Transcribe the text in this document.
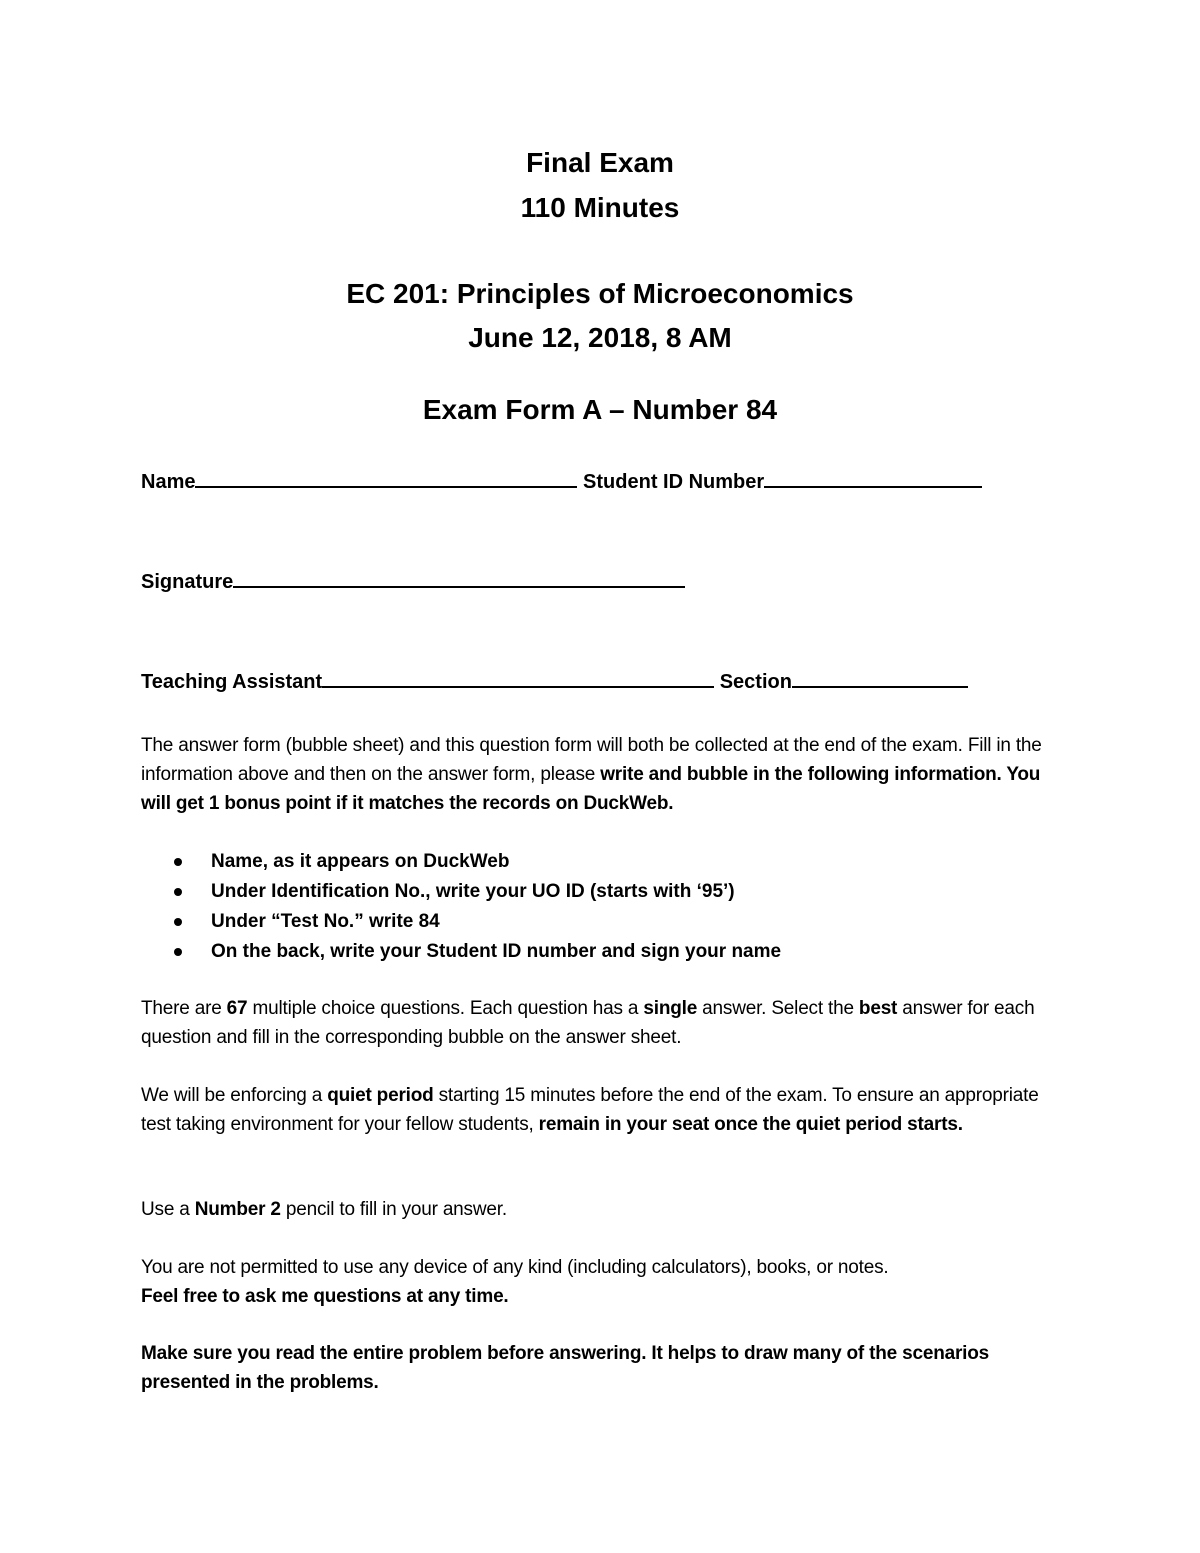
Final Exam
110 Minutes
EC 201: Principles of Microeconomics
June 12, 2018, 8 AM
Exam Form A – Number 84
Name	Student ID Number
Signature
Teaching Assistant	Section
The answer form (bubble sheet) and this question form will both be collected at the end of the exam. Fill in the information above and then on the answer form, please write and bubble in the following information. You will get 1 bonus point if it matches the records on DuckWeb.
Name, as it appears on DuckWeb
Under Identification No., write your UO ID (starts with ‘95’)
Under “Test No.” write 84
On the back, write your Student ID number and sign your name
There are 67 multiple choice questions. Each question has a single answer. Select the best answer for each question and fill in the corresponding bubble on the answer sheet.
We will be enforcing a quiet period starting 15 minutes before the end of the exam. To ensure an appropriate test taking environment for your fellow students, remain in your seat once the quiet period starts.
Use a Number 2 pencil to fill in your answer.
You are not permitted to use any device of any kind (including calculators), books, or notes.
Feel free to ask me questions at any time.
Make sure you read the entire problem before answering. It helps to draw many of the scenarios presented in the problems.
